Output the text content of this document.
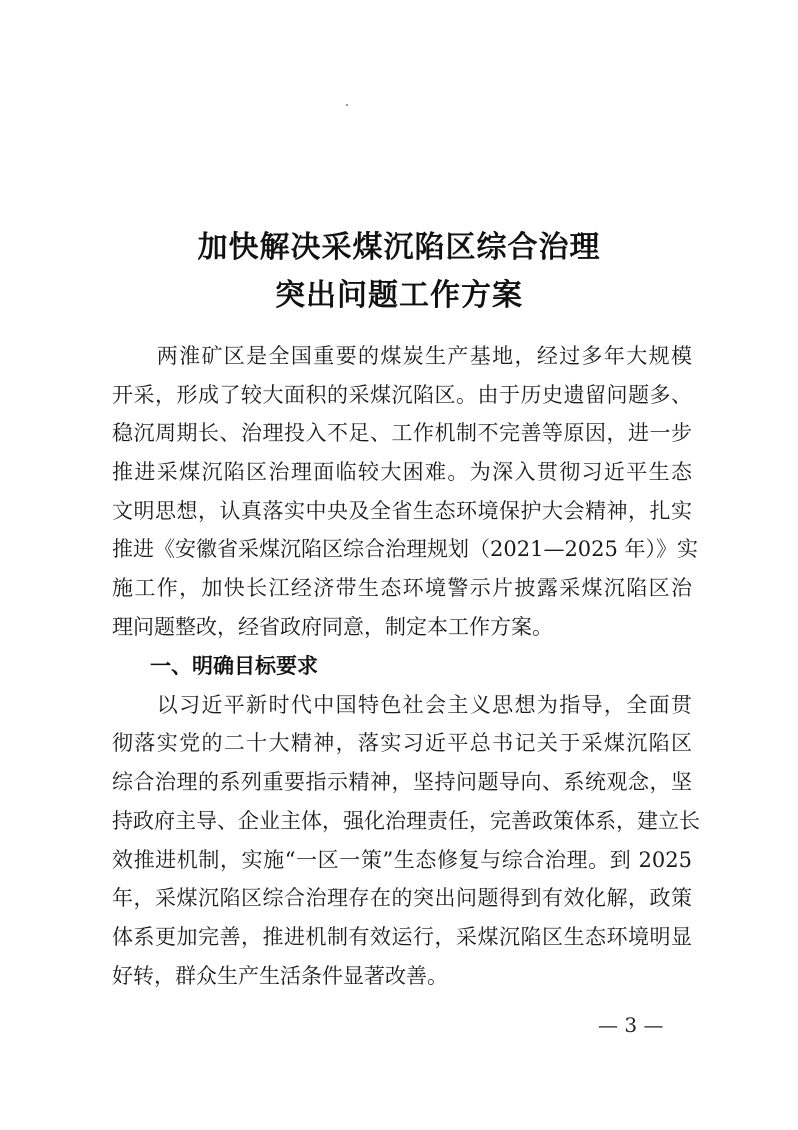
加快解决采煤沉陷区综合治理
突出问题工作方案
　　两淮矿区是全国重要的煤炭生产基地，经过多年大规模
开采，形成了较大面积的采煤沉陷区。由于历史遗留问题多、
稳沉周期长、治理投入不足、工作机制不完善等原因，进一步
推进采煤沉陷区治理面临较大困难。为深入贯彻习近平生态
文明思想，认真落实中央及全省生态环境保护大会精神，扎实
推进《安徽省采煤沉陷区综合治理规划（2021—2025 年）》实
施工作，加快长江经济带生态环境警示片披露采煤沉陷区治
理问题整改，经省政府同意，制定本工作方案。
一、明确目标要求
　　以习近平新时代中国特色社会主义思想为指导，全面贯
彻落实党的二十大精神，落实习近平总书记关于采煤沉陷区
综合治理的系列重要指示精神，坚持问题导向、系统观念，坚
持政府主导、企业主体，强化治理责任，完善政策体系，建立长
效推进机制，实施“一区一策”生态修复与综合治理。到 2025
年，采煤沉陷区综合治理存在的突出问题得到有效化解，政策
体系更加完善，推进机制有效运行，采煤沉陷区生态环境明显
好转，群众生产生活条件显著改善。
— 3 —
